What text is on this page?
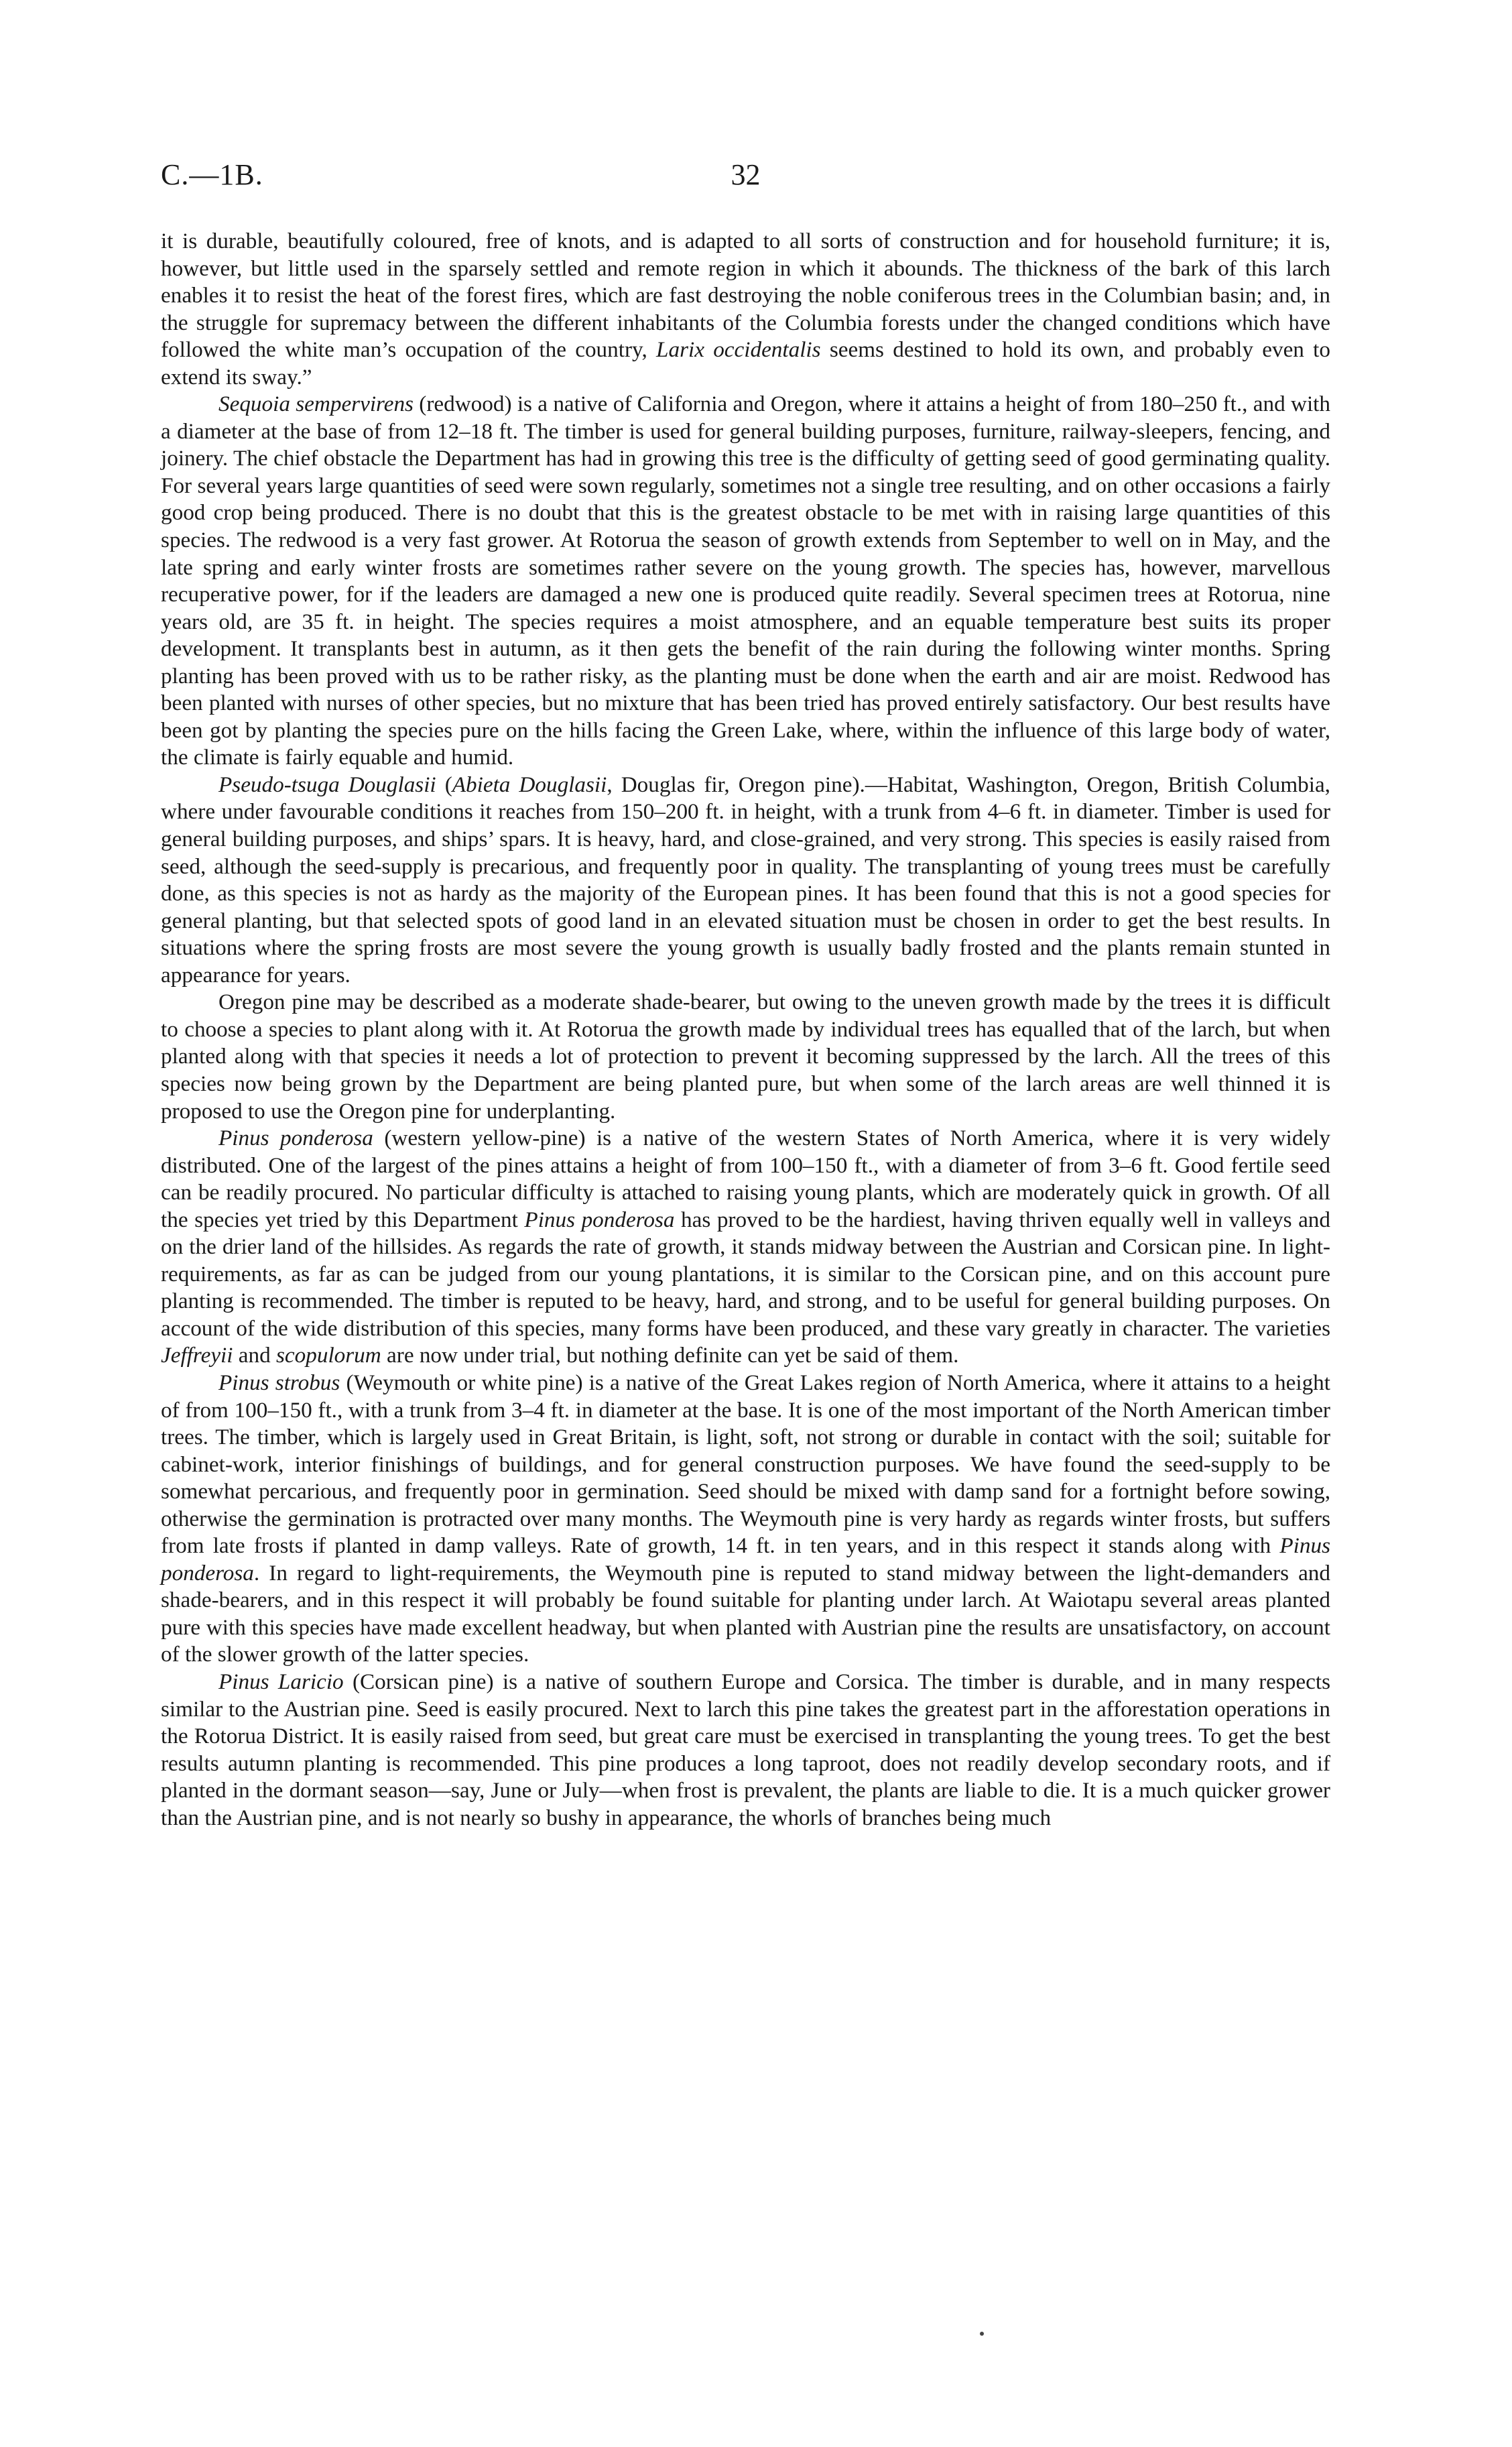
C.—1B.	32

it is durable, beautifully coloured, free of knots, and is adapted to all sorts of construction and for household furniture; it is, however, but little used in the sparsely settled and remote region in which it abounds. The thickness of the bark of this larch enables it to resist the heat of the forest fires, which are fast destroying the noble coniferous trees in the Columbian basin; and, in the struggle for supremacy between the different inhabitants of the Columbia forests under the changed conditions which have followed the white man’s occupation of the country, Larix occidentalis seems destined to hold its own, and probably even to extend its sway.”

Sequoia sempervirens (redwood) is a native of California and Oregon, where it attains a height of from 180–250 ft., and with a diameter at the base of from 12–18 ft. The timber is used for general building purposes, furniture, railway-sleepers, fencing, and joinery. The chief obstacle the Department has had in growing this tree is the difficulty of getting seed of good germinating quality. For several years large quantities of seed were sown regularly, sometimes not a single tree resulting, and on other occasions a fairly good crop being produced. There is no doubt that this is the greatest obstacle to be met with in raising large quantities of this species. The redwood is a very fast grower. At Rotorua the season of growth extends from September to well on in May, and the late spring and early winter frosts are sometimes rather severe on the young growth. The species has, however, marvellous recuperative power, for if the leaders are damaged a new one is produced quite readily. Several specimen trees at Rotorua, nine years old, are 35 ft. in height. The species requires a moist atmosphere, and an equable temperature best suits its proper development. It transplants best in autumn, as it then gets the benefit of the rain during the following winter months. Spring planting has been proved with us to be rather risky, as the planting must be done when the earth and air are moist. Redwood has been planted with nurses of other species, but no mixture that has been tried has proved entirely satisfactory. Our best results have been got by planting the species pure on the hills facing the Green Lake, where, within the influence of this large body of water, the climate is fairly equable and humid.

Pseudo-tsuga Douglasii (Abieta Douglasii, Douglas fir, Oregon pine).—Habitat, Washington, Oregon, British Columbia, where under favourable conditions it reaches from 150–200 ft. in height, with a trunk from 4–6 ft. in diameter. Timber is used for general building purposes, and ships’ spars. It is heavy, hard, and close-grained, and very strong. This species is easily raised from seed, although the seed-supply is precarious, and frequently poor in quality. The transplanting of young trees must be carefully done, as this species is not as hardy as the majority of the European pines. It has been found that this is not a good species for general planting, but that selected spots of good land in an elevated situation must be chosen in order to get the best results. In situations where the spring frosts are most severe the young growth is usually badly frosted and the plants remain stunted in appearance for years.

Oregon pine may be described as a moderate shade-bearer, but owing to the uneven growth made by the trees it is difficult to choose a species to plant along with it. At Rotorua the growth made by individual trees has equalled that of the larch, but when planted along with that species it needs a lot of protection to prevent it becoming suppressed by the larch. All the trees of this species now being grown by the Department are being planted pure, but when some of the larch areas are well thinned it is proposed to use the Oregon pine for underplanting.

Pinus ponderosa (western yellow-pine) is a native of the western States of North America, where it is very widely distributed. One of the largest of the pines attains a height of from 100–150 ft., with a diameter of from 3–6 ft. Good fertile seed can be readily procured. No particular difficulty is attached to raising young plants, which are moderately quick in growth. Of all the species yet tried by this Department Pinus ponderosa has proved to be the hardiest, having thriven equally well in valleys and on the drier land of the hillsides. As regards the rate of growth, it stands midway between the Austrian and Corsican pine. In light-requirements, as far as can be judged from our young plantations, it is similar to the Corsican pine, and on this account pure planting is recommended. The timber is reputed to be heavy, hard, and strong, and to be useful for general building purposes. On account of the wide distribution of this species, many forms have been produced, and these vary greatly in character. The varieties Jeffreyii and scopulorum are now under trial, but nothing definite can yet be said of them.

Pinus strobus (Weymouth or white pine) is a native of the Great Lakes region of North America, where it attains to a height of from 100–150 ft., with a trunk from 3–4 ft. in diameter at the base. It is one of the most important of the North American timber trees. The timber, which is largely used in Great Britain, is light, soft, not strong or durable in contact with the soil; suitable for cabinet-work, interior finishings of buildings, and for general construction purposes. We have found the seed-supply to be somewhat percarious, and frequently poor in germination. Seed should be mixed with damp sand for a fortnight before sowing, otherwise the germination is protracted over many months. The Weymouth pine is very hardy as regards winter frosts, but suffers from late frosts if planted in damp valleys. Rate of growth, 14 ft. in ten years, and in this respect it stands along with Pinus ponderosa. In regard to light-requirements, the Weymouth pine is reputed to stand midway between the light-demanders and shade-bearers, and in this respect it will probably be found suitable for planting under larch. At Waiotapu several areas planted pure with this species have made excellent headway, but when planted with Austrian pine the results are unsatisfactory, on account of the slower growth of the latter species.

Pinus Laricio (Corsican pine) is a native of southern Europe and Corsica. The timber is durable, and in many respects similar to the Austrian pine. Seed is easily procured. Next to larch this pine takes the greatest part in the afforestation operations in the Rotorua District. It is easily raised from seed, but great care must be exercised in transplanting the young trees. To get the best results autumn planting is recommended. This pine produces a long taproot, does not readily develop secondary roots, and if planted in the dormant season—say, June or July—when frost is prevalent, the plants are liable to die. It is a much quicker grower than the Austrian pine, and is not nearly so bushy in appearance, the whorls of branches being much
